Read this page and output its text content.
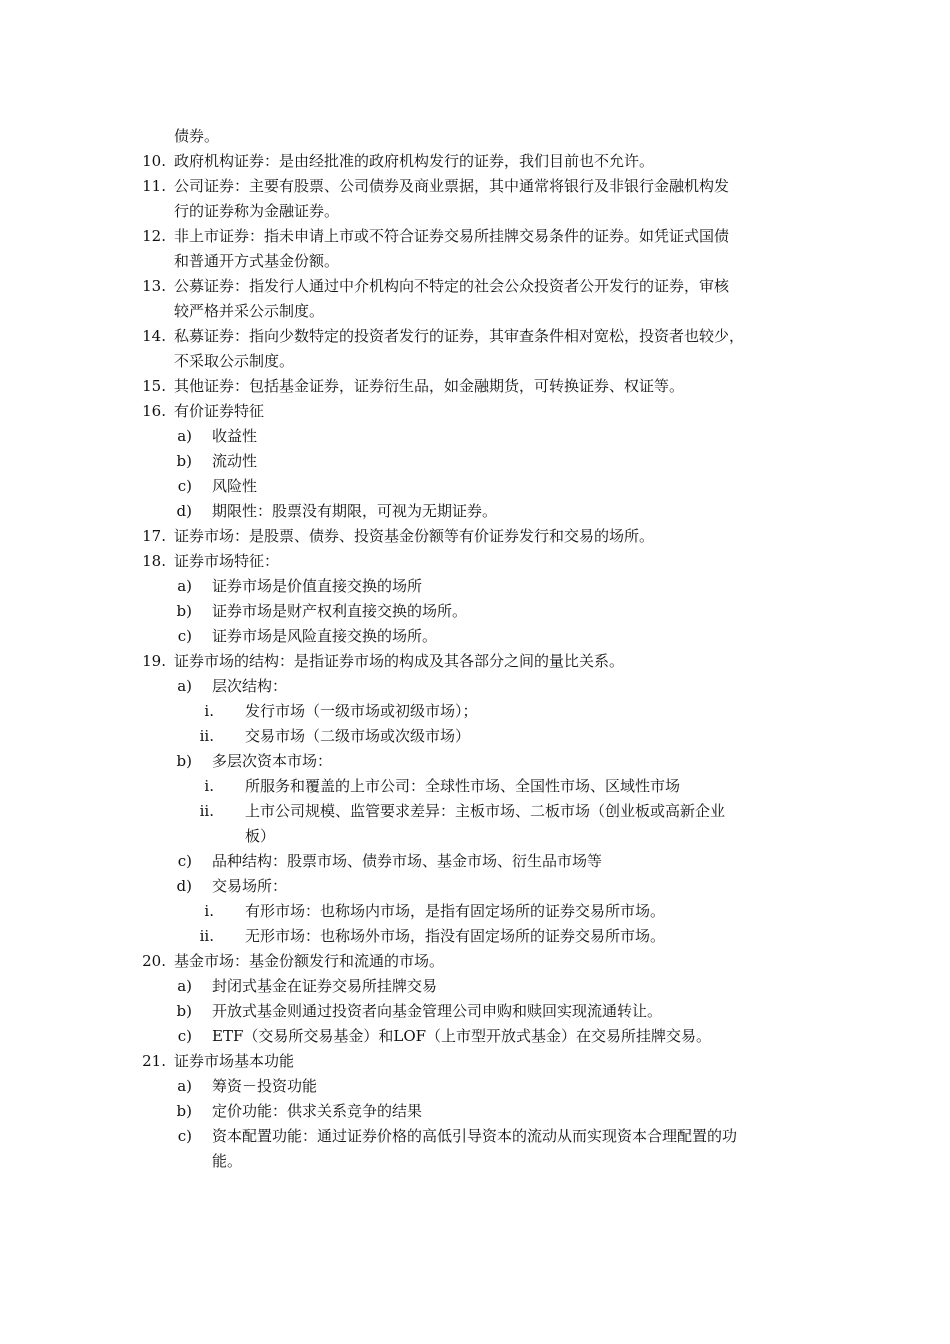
债券。
10. 政府机构证券：是由经批准的政府机构发行的证券，我们目前也不允许。
11. 公司证券：主要有股票、公司债券及商业票据，其中通常将银行及非银行金融机构发
行的证券称为金融证券。
12. 非上市证券：指未申请上市或不符合证券交易所挂牌交易条件的证券。如凭证式国债
和普通开方式基金份额。
13. 公募证券：指发行人通过中介机构向不特定的社会公众投资者公开发行的证券，审核
较严格并采公示制度。
14. 私募证券：指向少数特定的投资者发行的证券，其审查条件相对宽松，投资者也较少，
不采取公示制度。
15. 其他证券：包括基金证券，证券衍生品，如金融期货，可转换证券、权证等。
16. 有价证券特征
a) 收益性
b) 流动性
c) 风险性
d) 期限性：股票没有期限，可视为无期证券。
17. 证券市场：是股票、债券、投资基金份额等有价证券发行和交易的场所。
18. 证券市场特征：
a) 证券市场是价值直接交换的场所
b) 证券市场是财产权利直接交换的场所。
c) 证券市场是风险直接交换的场所。
19. 证券市场的结构：是指证券市场的构成及其各部分之间的量比关系。
a) 层次结构：
i. 发行市场（一级市场或初级市场）；
ii. 交易市场（二级市场或次级市场）
b) 多层次资本市场：
i. 所服务和覆盖的上市公司：全球性市场、全国性市场、区域性市场
ii. 上市公司规模、监管要求差异：主板市场、二板市场（创业板或高新企业
板）
c) 品种结构：股票市场、债券市场、基金市场、衍生品市场等
d) 交易场所：
i. 有形市场：也称场内市场，是指有固定场所的证券交易所市场。
ii. 无形市场：也称场外市场，指没有固定场所的证券交易所市场。
20. 基金市场：基金份额发行和流通的市场。
a) 封闭式基金在证券交易所挂牌交易
b) 开放式基金则通过投资者向基金管理公司申购和赎回实现流通转让。
c) ETF（交易所交易基金）和LOF（上市型开放式基金）在交易所挂牌交易。
21. 证券市场基本功能
a) 筹资－投资功能
b) 定价功能：供求关系竞争的结果
c) 资本配置功能：通过证券价格的高低引导资本的流动从而实现资本合理配置的功
能。
